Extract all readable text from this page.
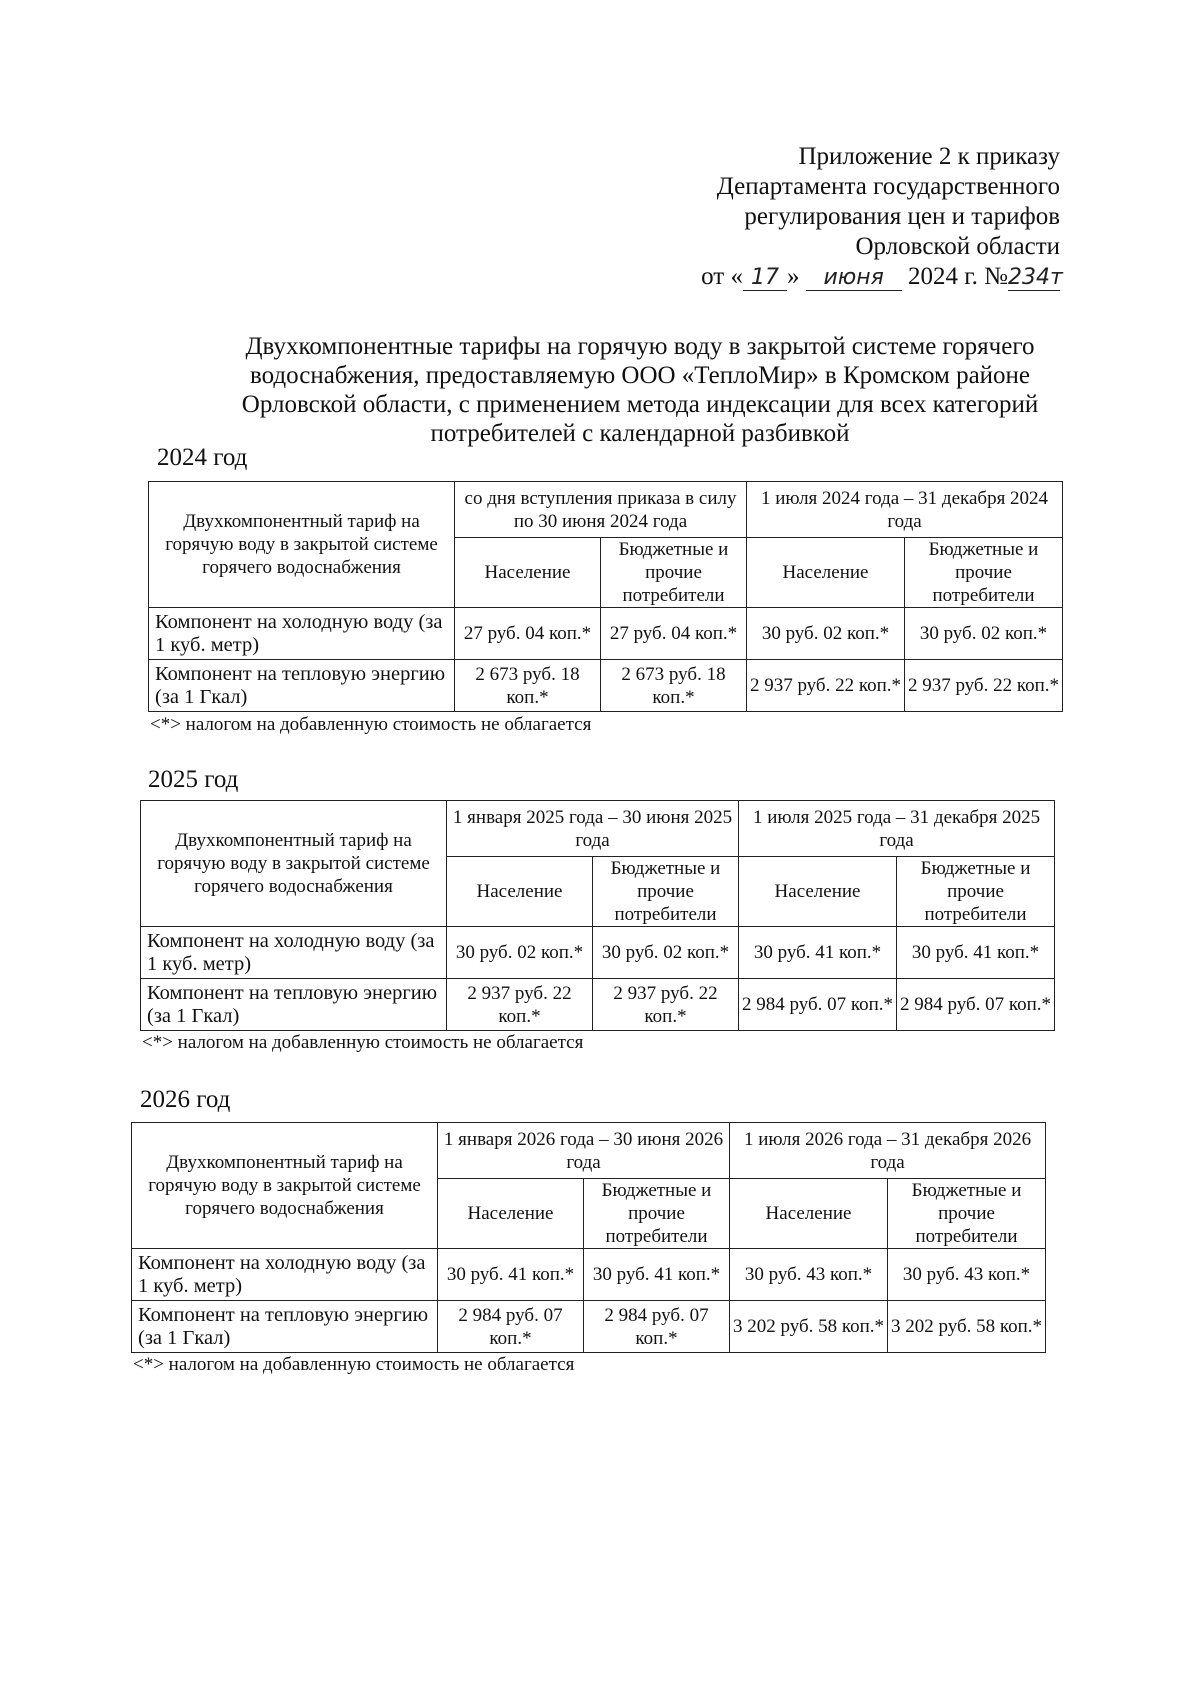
Приложение 2 к приказу
Департамента государственного
регулирования цен и тарифов
Орловской области
от « 17 » июня 2024 г. №234т
Двухкомпонентные тарифы на горячую воду в закрытой системе горячего водоснабжения, предоставляемую ООО «ТеплоМир» в Кромском районе Орловской области, с применением метода индексации для всех категорий потребителей с календарной разбивкой
2024 год
Двухкомпонентный тариф на горячую воду в закрытой системе горячего водоснабжения	со дня вступления приказа в силу по 30 июня 2024 года		1 июля 2024 года – 31 декабря 2024 года	
	Население	Бюджетные и прочие потребители	Население	Бюджетные и прочие потребители
Компонент на холодную воду (за 1 куб. метр)	27 руб. 04 коп.*	27 руб. 04 коп.*	30 руб. 02 коп.*	30 руб. 02 коп.*
Компонент на тепловую энергию (за 1 Гкал)	2 673 руб. 18 коп.*	2 673 руб. 18 коп.*	2 937 руб. 22 коп.*	2 937 руб. 22 коп.*
<*> налогом на добавленную стоимость не облагается
2025 год
Двухкомпонентный тариф на горячую воду в закрытой системе горячего водоснабжения	1 января 2025 года – 30 июня 2025 года		1 июля 2025 года – 31 декабря 2025 года	
	Население	Бюджетные и прочие потребители	Население	Бюджетные и прочие потребители
Компонент на холодную воду (за 1 куб. метр)	30 руб. 02 коп.*	30 руб. 02 коп.*	30 руб. 41 коп.*	30 руб. 41 коп.*
Компонент на тепловую энергию (за 1 Гкал)	2 937 руб. 22 коп.*	2 937 руб. 22 коп.*	2 984 руб. 07 коп.*	2 984 руб. 07 коп.*
<*> налогом на добавленную стоимость не облагается
2026 год
Двухкомпонентный тариф на горячую воду в закрытой системе горячего водоснабжения	1 января 2026 года – 30 июня 2026 года		1 июля 2026 года – 31 декабря 2026 года	
	Население	Бюджетные и прочие потребители	Население	Бюджетные и прочие потребители
Компонент на холодную воду (за 1 куб. метр)	30 руб. 41 коп.*	30 руб. 41 коп.*	30 руб. 43 коп.*	30 руб. 43 коп.*
Компонент на тепловую энергию (за 1 Гкал)	2 984 руб. 07 коп.*	2 984 руб. 07 коп.*	3 202 руб. 58 коп.*	3 202 руб. 58 коп.*
<*> налогом на добавленную стоимость не облагается
